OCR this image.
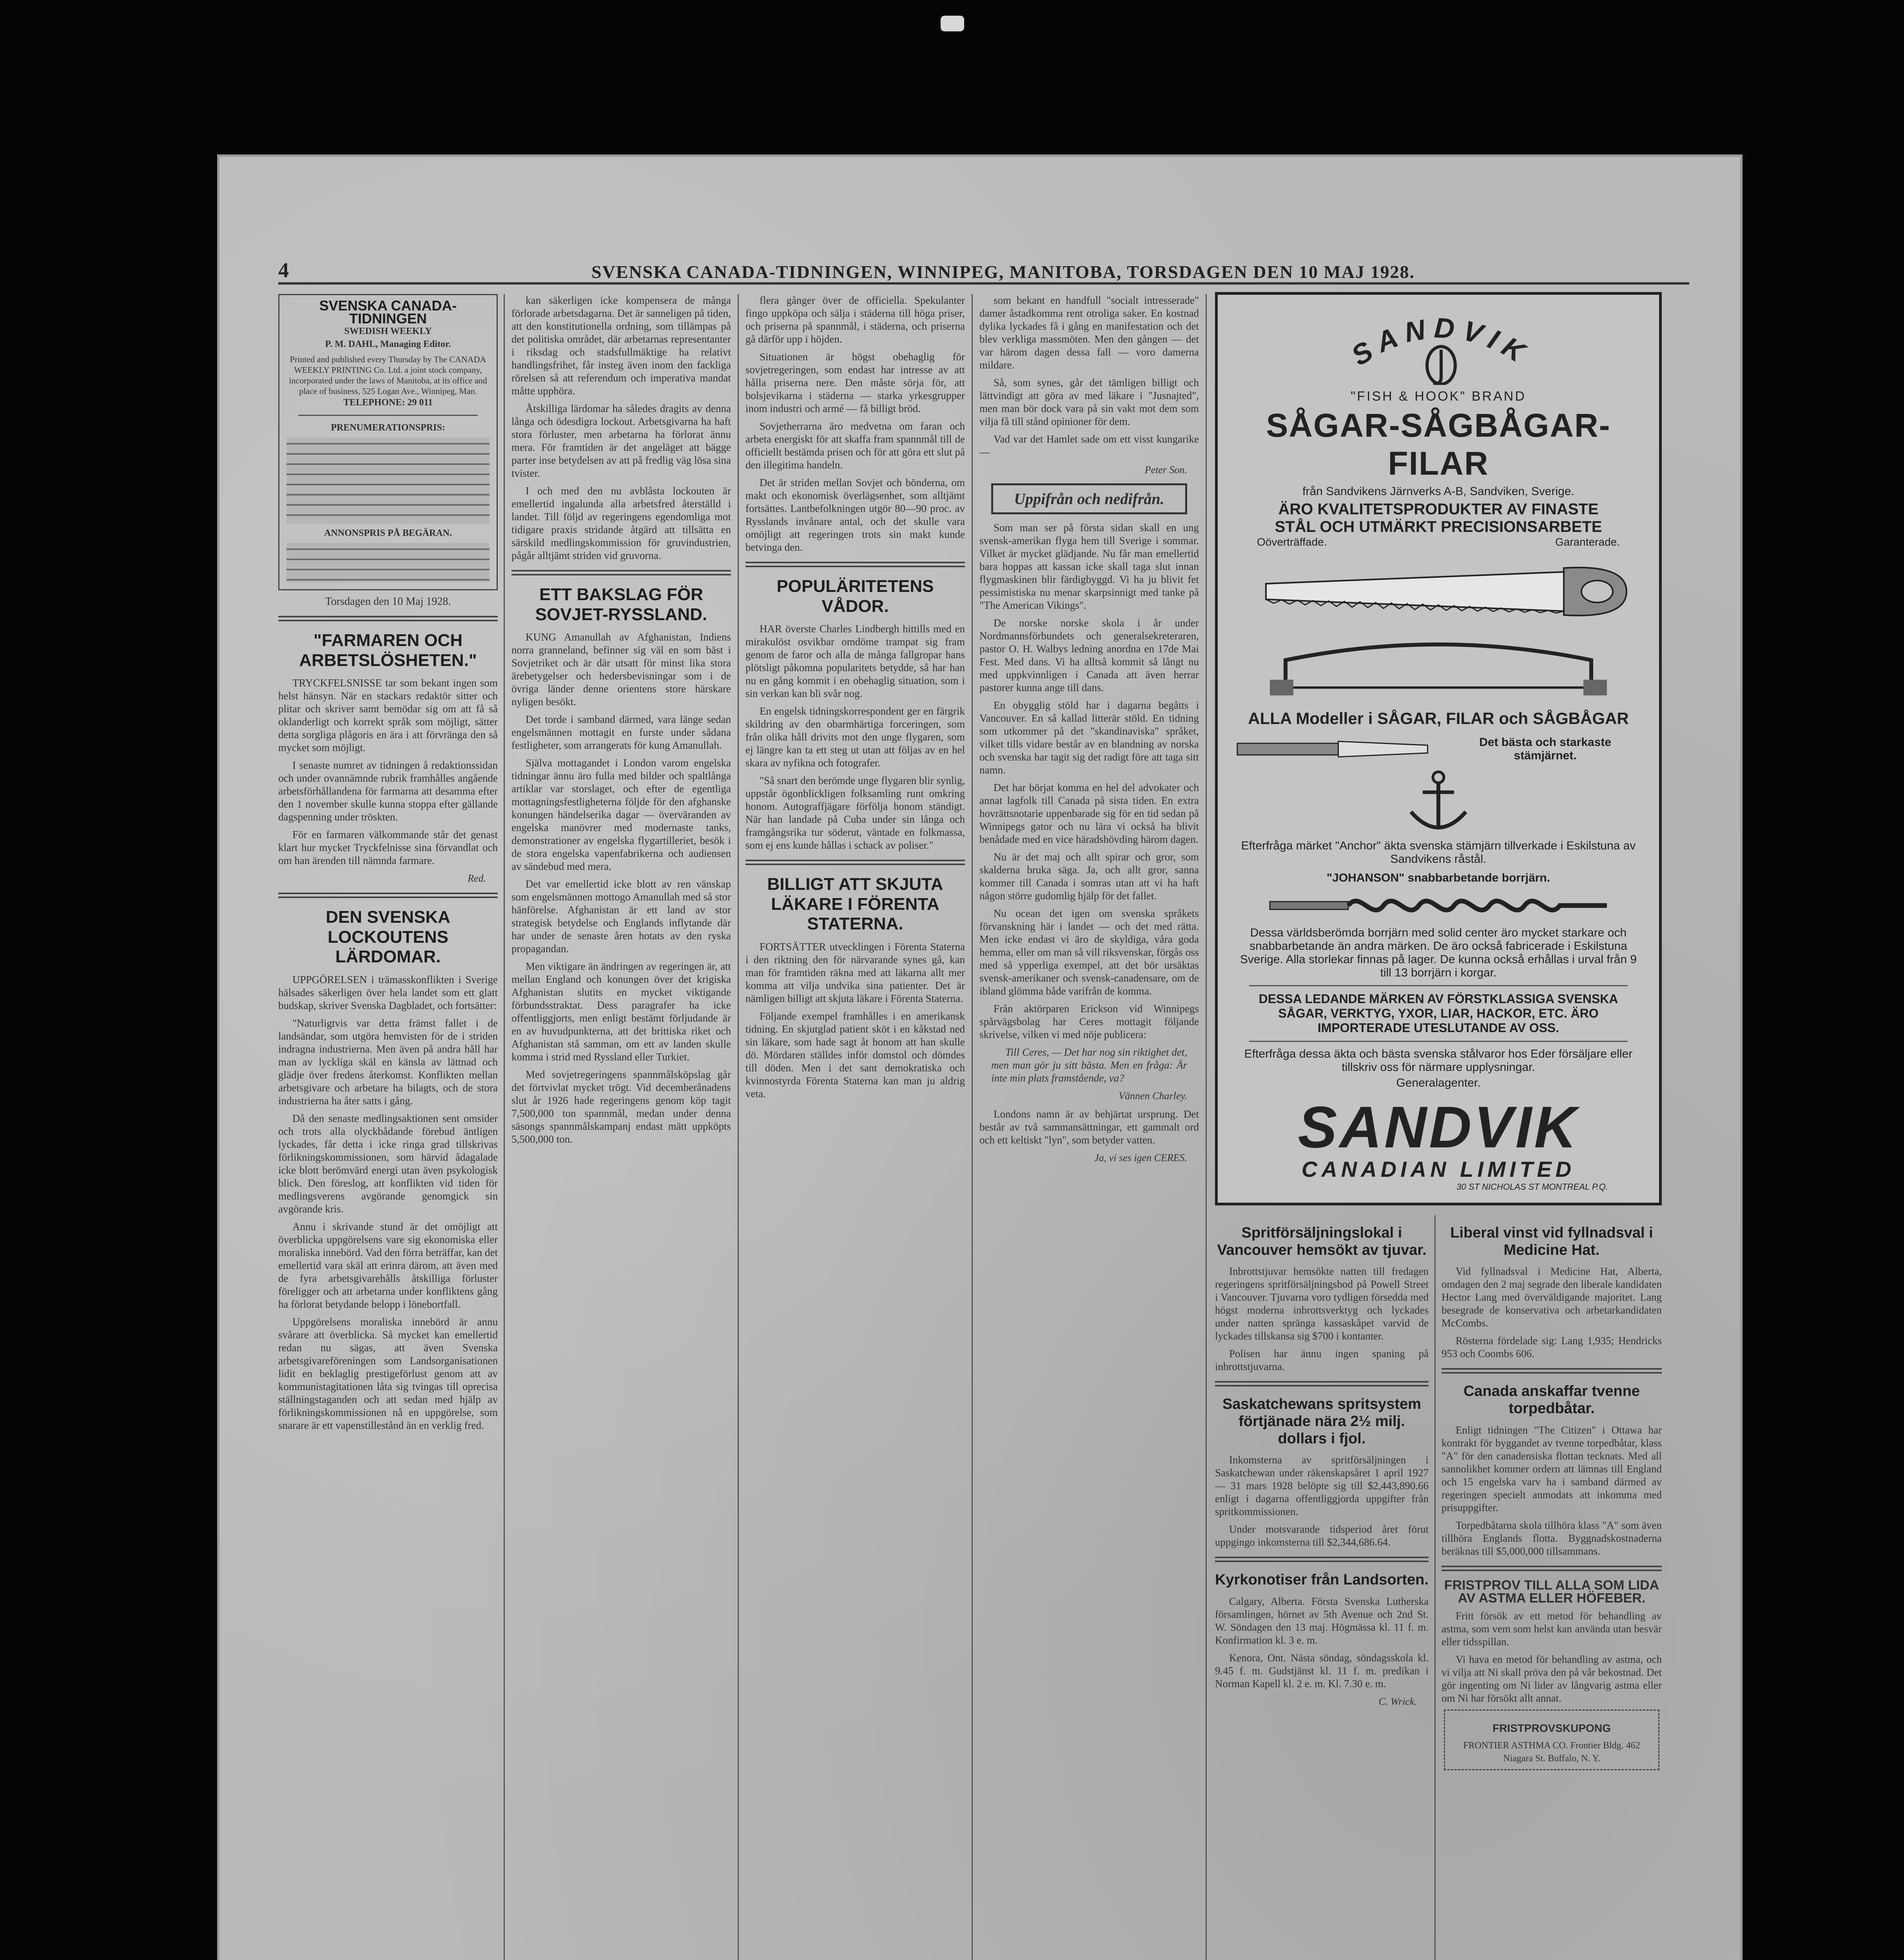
4	SVENSKA CANADA-TIDNINGEN, WINNIPEG, MANITOBA, TORSDAGEN DEN 10 MAJ 1928.
SVENSKA CANADA-TIDNINGEN
SWEDISH WEEKLY
P. M. DAHL, Managing Editor.
Printed and published every Thursday by The CANADA WEEKLY PRINTING Co. Ltd. a joint stock company, incorporated under the laws of Manitoba, at its office and place of business, 525 Logan Ave., Winnipeg, Man.
TELEPHONE: 29 011
PRENUMERATIONSPRIS:
ANNONSPRIS PÅ BEGÄRAN.
Torsdagen den 10 Maj 1928.
"FARMAREN OCH ARBETSLÖSHETEN."

TRYCKFELSNISSE tar som bekant ingen som helst hänsyn. När en stackars redaktör sitter och plitar och skriver samt bemödar sig om att få så oklanderligt och korrekt språk som möjligt, sätter detta sorgliga plågoris en ära i att förvränga den så mycket som möjligt.

I senaste numret av tidningen å redaktionssidan och under ovannämnde rubrik framhålles angående arbetsförhållandena för farmarna att desamma efter den 1 november skulle kunna stoppa efter gällande dagspenning under tröskten.

För en farmaren välkommande står det genast klart hur mycket Tryckfelnisse sina förvandlat och om han ärenden till nämnda farmare.

Red.
DEN SVENSKA LOCKOUTENS LÄRDOMAR.

UPPGÖRELSEN i trämasskonflikten i Sverige hälsades säkerligen över hela landet som ett glatt budskap, skriver Svenska Dagbladet, och fortsätter:

"Naturligtvis var detta främst fallet i de landsändar, som utgöra hemvisten för de i striden indragna industrierna. Men även på andra håll har man av lyckliga skäl en känsla av lättnad och glädje över fredens återkomst. Konflikten mellan arbetsgivare och arbetare ha bilagts, och de stora industrierna ha åter satts i gång.

Då den senaste medlingsaktionen sent omsider och trots alla olyckbådande förebud äntligen lyckades, får detta i icke ringa grad tillskrivas förlikningskommissionen, som härvid ådagalade icke blott berömvärd energi utan även psykologisk blick. Den föreslog, att konflikten vid tiden för medlingsverens avgörande genomgick sin avgörande kris.

Annu i skrivande stund är det omöjligt att överblicka uppgörelsens vare sig ekonomiska eller moraliska innebörd. Vad den förra beträffar, kan det emellertid vara skäl att erinra därom, att även med de fyra arbetsgivarehålls åtskilliga förluster föreligger och att arbetarna under konfliktens gång ha förlorat betydande belopp i lönebortfall.

Uppgörelsens moraliska innebörd är annu svårare att överblicka. Så mycket kan emellertid redan nu sägas, att även Svenska arbetsgivareföreningen som Landsorganisationen lidit en beklaglig prestigeförlust genom att av kommunistagitationen låta sig tvingas till oprecisa ställningstaganden och att sedan med hjälp av förlikningskommissionen nå en uppgörelse, som snarare är ett vapenstillestånd än en verklig fred.

kan säkerligen icke kompensera de många förlorade arbetsdagarna. Det är sanneligen på tiden, att den konstitutionella ordning, som tillämpas på det politiska området, där arbetarnas representanter i riksdag och stadsfullmäktige ha relativt handlingsfrihet, får insteg även inom den fackliga rörelsen så att referendum och imperativa mandat måtte upphöra.

Åtskilliga lärdomar ha således dragits av denna långa och ödesdigra lockout. Arbetsgivarna ha haft stora förluster, men arbetarna ha förlorat ännu mera. För framtiden är det angeläget att bägge parter inse betydelsen av att på fredlig väg lösa sina tvister.

I och med den nu avblåsta lockouten är emellertid ingalunda alla arbetsfred återställd i landet. Till följd av regeringens egendomliga mot tidigare praxis stridande åtgärd att tillsätta en särskild medlingskommission för gruvindustrien, pågår alltjämt striden vid gruvorna.

ETT BAKSLAG FÖR SOVJET-RYSSLAND.

KUNG Amanullah av Afghanistan, Indiens norra granneland, befinner sig väl en som bäst i Sovjetriket och är där utsatt för minst lika stora ärebetygelser och hedersbevisningar som i de övriga länder denne orientens store härskare nyligen besökt.

Det torde i samband därmed, vara länge sedan engelsmännen mottagit en furste under sådana festligheter, som arrangerats för kung Amanullah.

Själva mottagandet i London varom engelska tidningar ännu äro fulla med bilder och spaltlånga artiklar var storslaget, och efter de egentliga mottagningsfestligheterna följde för den afghanske konungen händelserika dagar — överväranden av engelska manövrer med modernaste tanks, demonstrationer av engelska flygartilleriet, besök i de stora engelska vapenfabrikerna och audiensen av sändebud med mera.

Det var emellertid icke blott av ren vänskap som engelsmännen mottogo Amanullah med så stor hänförelse. Afghanistan är ett land av stor strategisk betydelse och Englands inflytande där har under de senaste åren hotats av den ryska propagandan.

Men viktigare än ändringen av regeringen är, att mellan England och konungen över det krigiska Afghanistan slutits en mycket viktigande förbundsstraktat. Dess paragrafer ha icke offentliggjorts, men enligt bestämt förljudande är en av huvudpunkterna, att det brittiska riket och Afghanistan stå samman, om ett av landen skulle komma i strid med Ryssland eller Turkiet.

Med sovjetregeringens spannmålsköpslag går det förtvivlat mycket trögt. Vid decemberånadens slut år 1926 hade regeringens genom köp tagit 7,500,000 ton spannmål, medan under denna säsongs spannmålskampanj endast mätt uppköpts 5,500,000 ton.

flera gånger över de officiella. Spekulanter fingo uppköpa och sälja i städerna till höga priser, och priserna på spannmål, i städerna, och priserna gå därför upp i höjden.

Situationen är högst obehaglig för sovjetregeringen, som endast har intresse av att hålla priserna nere. Den måste sörja för, att bolsjevikarna i städerna — starka yrkesgrupper inom industri och armé — få billigt bröd.

Sovjetherrarna äro medvetna om faran och arbeta energiskt för att skaffa fram spannmål till de officiellt bestämda prisen och för att göra ett slut på den illegitima handeln.

Det är striden mellan Sovjet och bönderna, om makt och ekonomisk överlägsenhet, som alltjämt fortsättes. Lantbefolkningen utgör 80—90 proc. av Rysslands invånare antal, och det skulle vara omöjligt att regeringen trots sin makt kunde betvinga den.

POPULÄRITETENS VÅDOR.

HAR överste Charles Lindbergh hittills med en mirakulöst osvikbar omdöme trampat sig fram genom de faror och alla de många fallgropar hans plötsligt påkomna popularitets betydde, så har han nu en gång kommit i en obehaglig situation, som i sin verkan kan bli svår nog.

En engelsk tidningskorrespondent ger en färgrik skildring av den obarmhärtiga forceringen, som från olika håll drivits mot den unge flygaren, som ej längre kan ta ett steg ut utan att följas av en hel skara av nyfikna och fotografer.

"Så snart den berömde unge flygaren blir synlig, uppstår ögonblickligen folksamling runt omkring honom. Autograffjägare förfölja honom ständigt. När han landade på Cuba under sin långa och framgångsrika tur söderut, väntade en folkmassa, som ej ens kunde hållas i schack av poliser."

BILLIGT ATT SKJUTA LÄKARE I FÖRENTA STATERNA.

FORTSÄTTER utvecklingen i Förenta Staterna i den riktning den för närvarande synes gå, kan man för framtiden räkna med att läkarna allt mer komma att vilja undvika sina patienter. Det är nämligen billigt att skjuta läkare i Förenta Staterna.

Följande exempel framhålles i en amerikansk tidning. En skjutglad patient sköt i en kåkstad ned sin läkare, som hade sagt åt honom att han skulle dö. Mördaren ställdes inför domstol och dömdes till döden. Men i det sant demokratiska och kvinnostyrda Förenta Staterna kan man ju aldrig veta.

som bekant en handfull "socialt intresserade" damer åstadkomma rent otroliga saker. En kostnad dylika lyckades få i gång en manifestation och det blev verkliga massmöten. Men den gången — det var härom dagen dessa fall — voro damerna mildare.

Så, som synes, går det tämligen billigt och lättvindigt att göra av med läkare i "Jusnajted", men man bör dock vara på sin vakt mot dem som vilja få till stånd opinioner för dem.

Vad var det Hamlet sade om ett visst kungarike —

Peter Son.
Uppifrån och nedifrån.

Som man ser på första sidan skall en ung svensk-amerikan flyga hem till Sverige i sommar. Vilket är mycket glädjande. Nu får man emellertid bara hoppas att kassan icke skall taga slut innan flygmaskinen blir färdigbyggd. Vi ha ju blivit fet pessimistiska nu menar skarpsinnigt med tanke på "The American Vikings".

De norske norske skola i år under Nordmannsförbundets och generalsekreteraren, pastor O. H. Walbys ledning anordna en 17de Mai Fest. Med dans. Vi ha alltså kommit så långt nu med uppkvinnligen i Canada att även herrar pastorer kunna ange till dans.

En obygglig stöld har i dagarna begåtts i Vancouver. En så kallad litterär stöld. En tidning som utkommer på det "skandinaviska" språket, vilket tills vidare består av en blandning av norska och svenska har tagit sig det radigt före att taga sitt namn.

Det har börjat komma en hel del advokater och annat lagfolk till Canada på sista tiden. En extra hovrättsnotarie uppenbarade sig för en tid sedan på Winnipegs gator och nu lära vi också ha blivit benådade med en vice häradshövding härom dagen.

Nu är det maj och allt spirar och gror, som skalderna bruka säga. Ja, och allt gror, sanna kommer till Canada i somras utan att vi ha haft någon större gudomlig hjälp för det fallet.

Nu ocean det igen om svenska språkets förvanskning här i landet — och det med rätta. Men icke endast vi äro de skyldiga, våra goda hemma, eller om man så vill riksvenskar, förgås oss med så ypperliga exempel, att det bör ursäktas svensk-amerikaner och svensk-canadensare, om de ibland glömma både varifrån de komma.

Från aktörparen Erickson vid Winnipegs spårvägsbolag har Ceres mottagit följande skrivelse, vilken vi med nöje publicera:

Till Ceres, — Det har nog sin riktighet det, men man gör ju sitt bästa. Men en fråga: Är inte min plats framstående, va?

Vännen Charley.

Londons namn är av behjärtat ursprung. Det består av två sammansättningar, ett gammalt ord och ett keltiskt "lyn", som betyder vatten.

Ja, vi ses igen CERES.
SANDVIK
"FISH & HOOK" BRAND
SÅGAR-SÅGBÅGAR-FILAR
från Sandvikens Järnverks A-B, Sandviken, Sverige.
ÄRO KVALITETSPRODUKTER AV FINASTE
STÅL OCH UTMÄRKT PRECISIONSARBETE
Oöverträffade.	Garanterade.

ALLA Modeller i SÅGAR, FILAR och SÅGBÅGAR
Det bästa och starkaste stämjärnet.
Efterfråga märket "Anchor" äkta svenska stämjärn tillverkade i Eskilstuna av Sandvikens råstål.
"JOHANSON" snabbarbetande borrjärn.
Dessa världsberömda borrjärn med solid center äro mycket starkare och snabbarbetande än andra märken. De äro också fabricerade i Eskilstuna Sverige. Alla storlekar finnas på lager. De kunna också erhållas i urval från 9 till 13 borrjärn i korgar.
DESSA LEDANDE MÄRKEN AV FÖRSTKLASSIGA SVENSKA SÅGAR, VERKTYG, YXOR, LIAR, HACKOR, ETC. ÄRO IMPORTERADE UTESLUTANDE AV OSS.
Efterfråga dessa äkta och bästa svenska stålvaror hos Eder försäljare eller tillskriv oss för närmare upplysningar.
Generalagenter.
SANDVIK
CANADIAN LIMITED
30 ST NICHOLAS ST MONTREAL P.Q.
Spritförsäljningslokal i Vancouver hemsökt av tjuvar.

Inbrottstjuvar hemsökte natten till fredagen regeringens spritförsäljningsbod på Powell Street i Vancouver. Tjuvarna voro tydligen försedda med högst moderna inbrottsverktyg och lyckades under natten spränga kassaskåpet varvid de lyckades tillskansa sig $700 i kontanter.

Polisen har ännu ingen spaning på inbrottstjuvarna.

Saskatchewans spritsystem förtjänade nära 2½ milj. dollars i fjol.

Inkomsterna av spritförsäljningen i Saskatchewan under räkenskapsåret 1 april 1927 — 31 mars 1928 belöpte sig till $2,443,890.66 enligt i dagarna offentliggjorda uppgifter från spritkommissionen.

Under motsvarande tidsperiod året förut uppgingo inkomsterna till $2,344,686.64.

Kyrkonotiser från Landsorten.

Calgary, Alberta. Första Svenska Lutherska församlingen, hörnet av 5th Avenue och 2nd St. W. Söndagen den 13 maj. Högmässa kl. 11 f. m. Konfirmation kl. 3 e. m.

Kenora, Ont. Nästa söndag, söndagsskola kl. 9.45 f. m. Gudstjänst kl. 11 f. m. predikan i Norman Kapell kl. 2 e. m. Kl. 7.30 e. m.

C. Wrick.
Liberal vinst vid fyllnadsval i Medicine Hat.

Vid fyllnadsval i Medicine Hat, Alberta, omdagen den 2 maj segrade den liberale kandidaten Hector Lang med överväldigande majoritet. Lang besegrade de konservativa och arbetarkandidaten McCombs.

Rösterna fördelade sig: Lang 1,935; Hendricks 953 och Coombs 606.

Canada anskaffar tvenne torpedbåtar.

Enligt tidningen "The Citizen" i Ottawa har kontrakt för byggandet av tvenne torpedbåtar, klass "A" för den canadensiska flottan tecknats. Med all sannolikhet kommer ordern att lämnas till England och 15 engelska varv ha i samband därmed av regeringen specielt anmodats att inkomma med prisuppgifter.

Torpedbåtarna skola tillhöra klass "A" som även tillhöra Englands flotta. Byggnadskostnaderna beräknas till $5,000,000 tillsammans.

FRISTPROV TILL ALLA SOM LIDA AV ASTMA ELLER HÖFEBER.

Fritt försök av ett metod för behandling av astma, som vem som helst kan använda utan besvär eller tidsspillan.

Vi hava en metod för behandling av astma, och vi vilja att Ni skall pröva den på vår bekostnad. Det gör ingenting om Ni lider av långvarig astma eller om Ni har försökt allt annat.

FRISTPROVSKUPONG
FRONTIER ASTHMA CO. Frontier Bldg. 462 Niagara St. Buffalo, N. Y.
